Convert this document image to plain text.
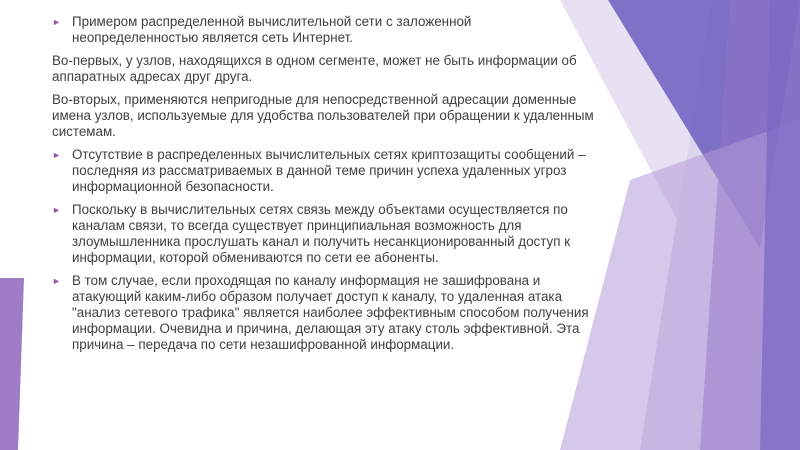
► Примером распределенной вычислительной сети с заложенной неопределенностью является сеть Интернет.
Во-первых, у узлов, находящихся в одном сегменте, может не быть информации об аппаратных адресах друг друга.
Во-вторых, применяются непригодные для непосредственной адресации доменные имена узлов, используемые для удобства пользователей при обращении к удаленным системам.
► Отсутствие в распределенных вычислительных сетях криптозащиты сообщений – последняя из рассматриваемых в данной теме причин успеха удаленных угроз информационной безопасности.
► Поскольку в вычислительных сетях связь между объектами осуществляется по каналам связи, то всегда существует принципиальная возможность для злоумышленника прослушать канал и получить несанкционированный доступ к информации, которой обмениваются по сети ее абоненты.
► В том случае, если проходящая по каналу информация не зашифрована и атакующий каким-либо образом получает доступ к каналу, то удаленная атака "анализ сетевого трафика" является наиболее эффективным способом получения информации. Очевидна и причина, делающая эту атаку столь эффективной. Эта причина – передача по сети незашифрованной информации.
